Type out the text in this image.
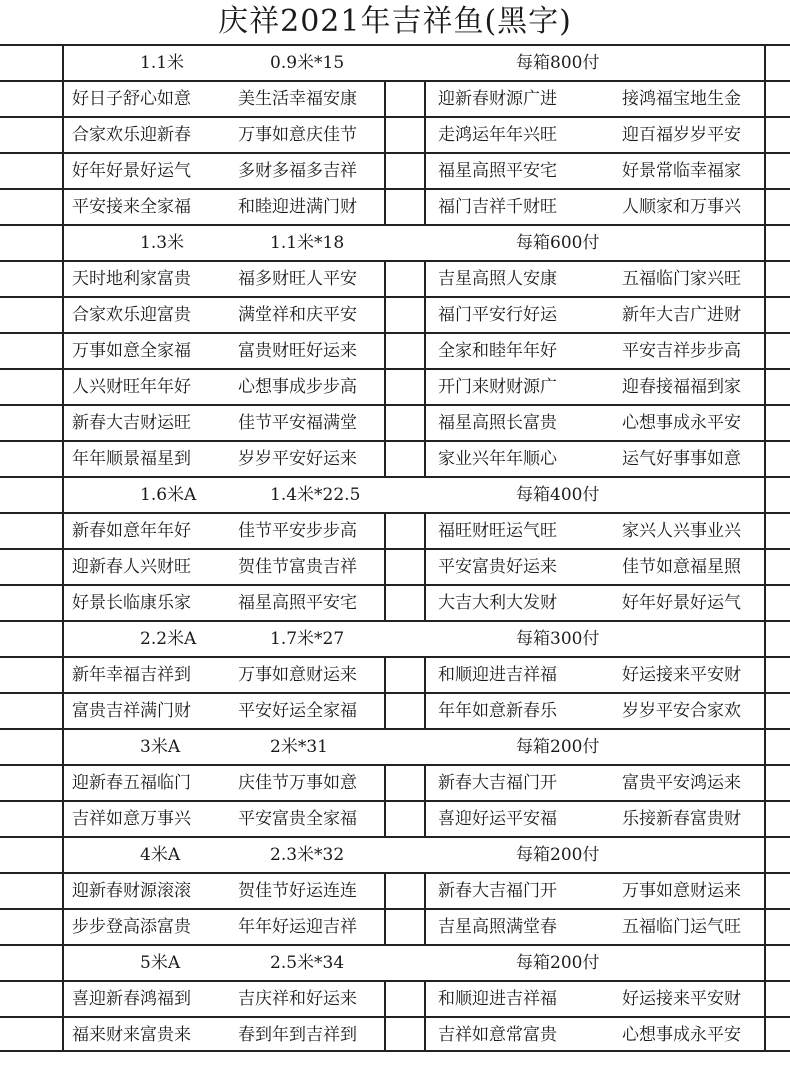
庆祥2021年吉祥鱼(黑字)
1.1米	0.9米*15	每箱800付
好日子舒心如意	美生活幸福安康	迎新春财源广进	接鸿福宝地生金
合家欢乐迎新春	万事如意庆佳节	走鸿运年年兴旺	迎百福岁岁平安
好年好景好运气	多财多福多吉祥	福星高照平安宅	好景常临幸福家
平安接来全家福	和睦迎进满门财	福门吉祥千财旺	人顺家和万事兴
1.3米	1.1米*18	每箱600付
天时地利家富贵	福多财旺人平安	吉星高照人安康	五福临门家兴旺
合家欢乐迎富贵	满堂祥和庆平安	福门平安行好运	新年大吉广进财
万事如意全家福	富贵财旺好运来	全家和睦年年好	平安吉祥步步高
人兴财旺年年好	心想事成步步高	开门来财财源广	迎春接福福到家
新春大吉财运旺	佳节平安福满堂	福星高照长富贵	心想事成永平安
年年顺景福星到	岁岁平安好运来	家业兴年年顺心	运气好事事如意
1.6米A	1.4米*22.5	每箱400付
新春如意年年好	佳节平安步步高	福旺财旺运气旺	家兴人兴事业兴
迎新春人兴财旺	贺佳节富贵吉祥	平安富贵好运来	佳节如意福星照
好景长临康乐家	福星高照平安宅	大吉大利大发财	好年好景好运气
2.2米A	1.7米*27	每箱300付
新年幸福吉祥到	万事如意财运来	和顺迎进吉祥福	好运接来平安财
富贵吉祥满门财	平安好运全家福	年年如意新春乐	岁岁平安合家欢
3米A	2米*31	每箱200付
迎新春五福临门	庆佳节万事如意	新春大吉福门开	富贵平安鸿运来
吉祥如意万事兴	平安富贵全家福	喜迎好运平安福	乐接新春富贵财
4米A	2.3米*32	每箱200付
迎新春财源滚滚	贺佳节好运连连	新春大吉福门开	万事如意财运来
步步登高添富贵	年年好运迎吉祥	吉星高照满堂春	五福临门运气旺
5米A	2.5米*34	每箱200付
喜迎新春鸿福到	吉庆祥和好运来	和顺迎进吉祥福	好运接来平安财
福来财来富贵来	春到年到吉祥到	吉祥如意常富贵	心想事成永平安
